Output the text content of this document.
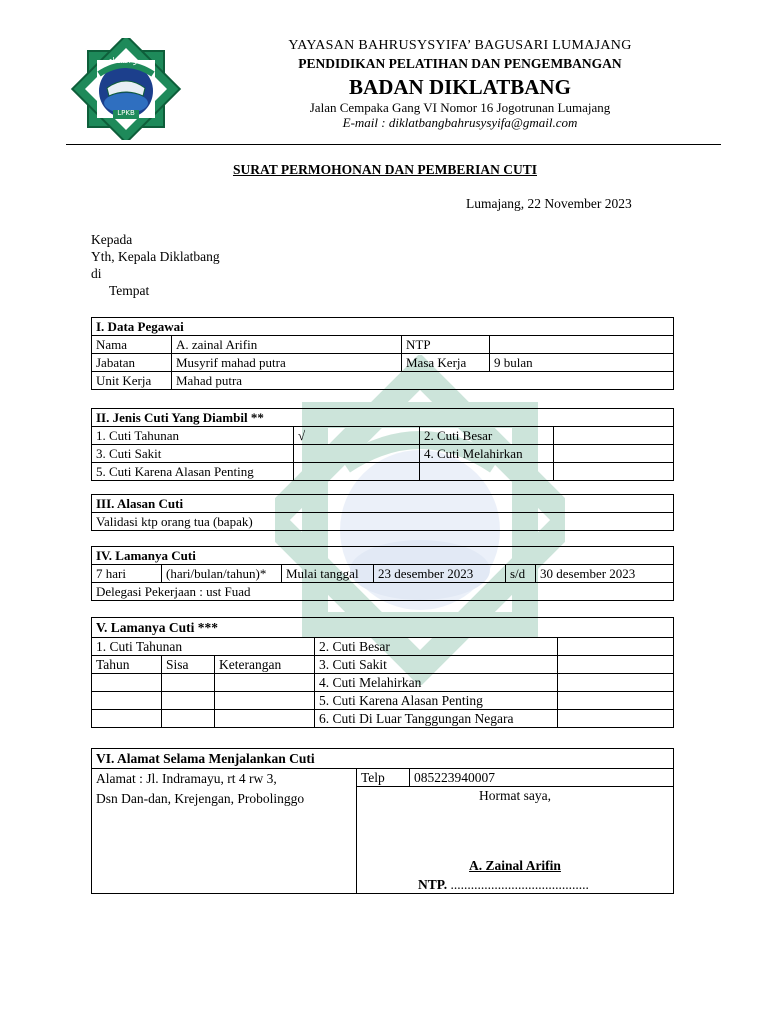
بحر الشفاء
LPKB
YAYASAN BAHRUSYSYIFA’ BAGUSARI LUMAJANG
PENDIDIKAN PELATIHAN DAN PENGEMBANGAN
BADAN DIKLATBANG
Jalan Cempaka Gang VI Nomor 16 Jogotrunan Lumajang
E-mail : diklatbangbahrusysyifa@gmail.com
SURAT PERMOHONAN DAN PEMBERIAN CUTI
Lumajang, 22 November 2023
Kepada
Yth, Kepala Diklatbang
di
Tempat
I. Data Pegawai			
Nama	A. zainal Arifin	NTP	
Jabatan	Musyrif mahad putra	Masa Kerja	9 bulan
Unit Kerja	Mahad putra		
II. Jenis Cuti Yang Diambil **			
1. Cuti Tahunan	√	2. Cuti Besar	
3. Cuti Sakit		4. Cuti Melahirkan	
5. Cuti Karena Alasan Penting			
III. Alasan Cuti
Validasi ktp orang tua (bapak)
IV. Lamanya Cuti
7 hari	(hari/bulan/tahun)*	Mulai tanggal	23 desember 2023	s/d	30 desember 2023
Delegasi Pekerjaan : ust Fuad
V. Lamanya Cuti ***				
1. Cuti Tahunan			2. Cuti Besar	
Tahun	Sisa	Keterangan	3. Cuti Sakit	
			4. Cuti Melahirkan	
			5. Cuti Karena Alasan Penting	
			6. Cuti Di Luar Tanggungan Negara	
VI. Alamat Selama Menjalankan Cuti

Alamat : Jl. Indramayu, rt 4 rw 3,
Dsn Dan-dan, Krejengan, Probolinggo
	Telp	085223940007

Hormat saya,
A. Zainal Arifin
NTP. .........................................
